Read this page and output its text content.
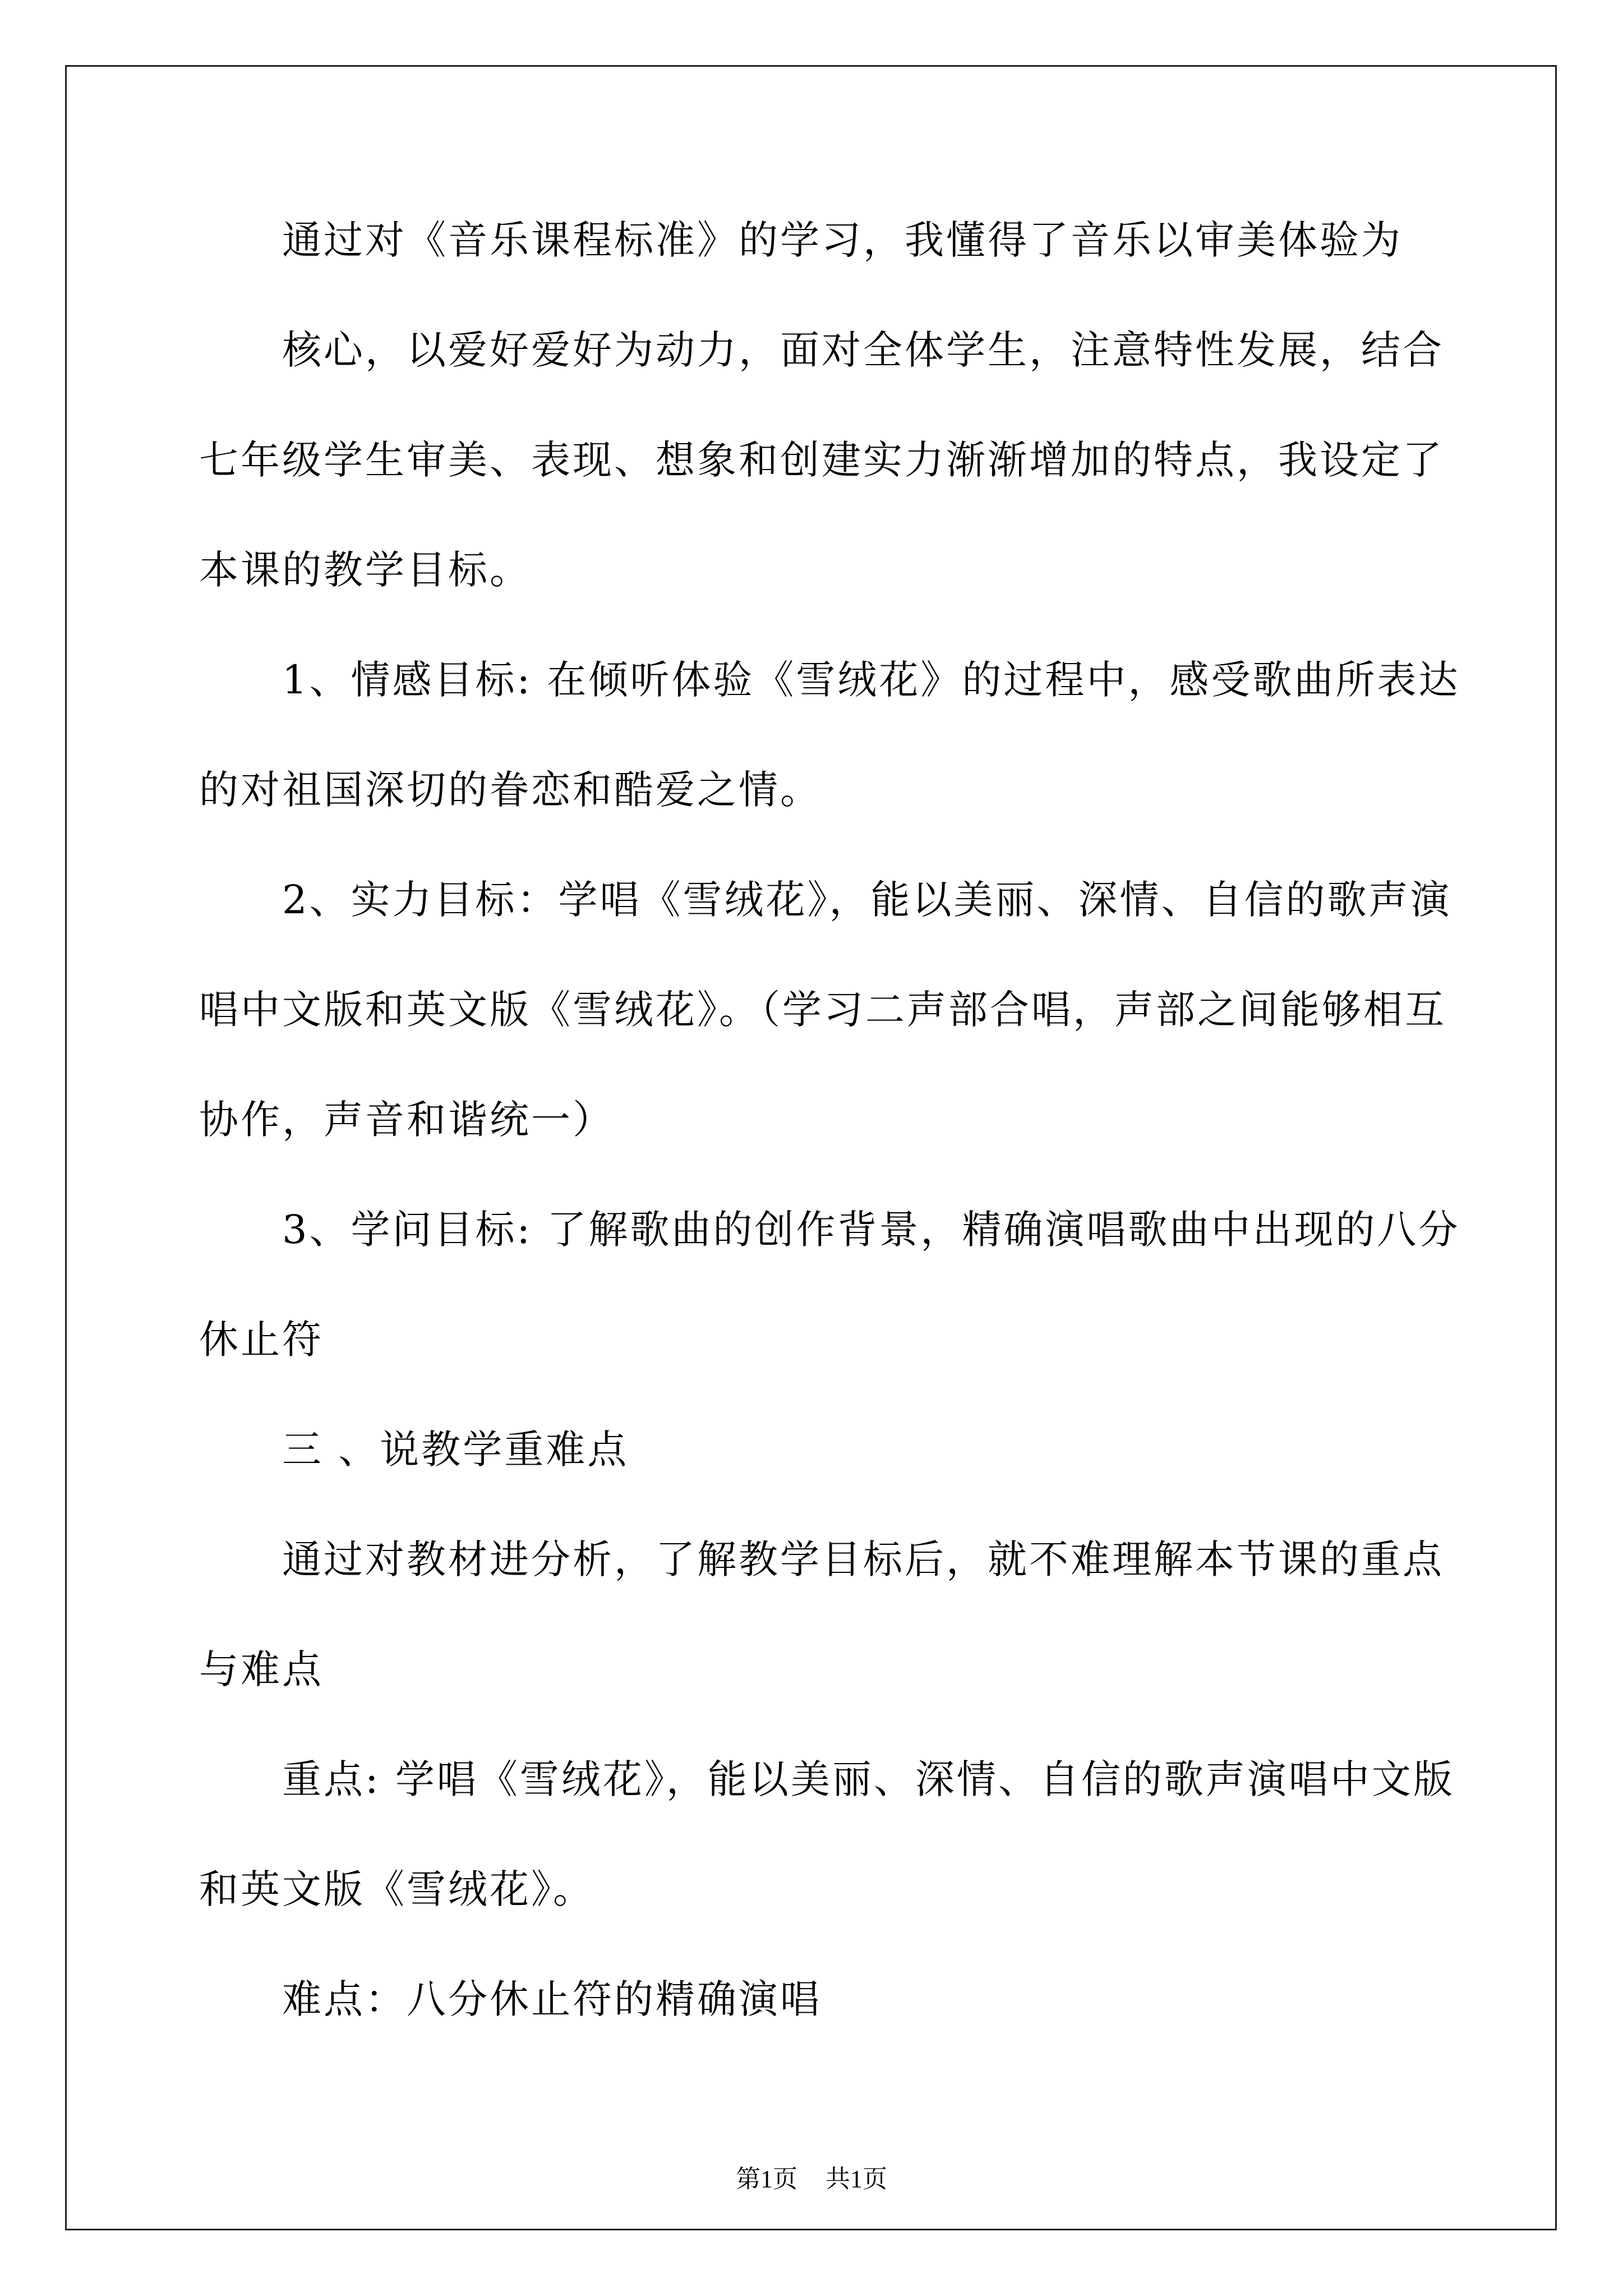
通过对《音乐课程标准》的学习，我懂得了音乐以审美体验为
核心，以爱好爱好为动力，面对全体学生，注意特性发展，结合
七年级学生审美、表现、想象和创建实力渐渐增加的特点，我设定了
本课的教学目标。
1、情感目标: 在倾听体验《雪绒花》的过程中，感受歌曲所表达
的对祖国深切的眷恋和酷爱之情。
2、实力目标：学唱《雪绒花》，能以美丽、深情、自信的歌声演
唱中文版和英文版《雪绒花》。（学习二声部合唱，声部之间能够相互
协作，声音和谐统一）
3、学问目标: 了解歌曲的创作背景，精确演唱歌曲中出现的八分
休止符
三 、说教学重难点
通过对教材进分析，了解教学目标后，就不难理解本节课的重点
与难点
重点: 学唱《雪绒花》，能以美丽、深情、自信的歌声演唱中文版
和英文版《雪绒花》。
难点：八分休止符的精确演唱
第1页 共1页
